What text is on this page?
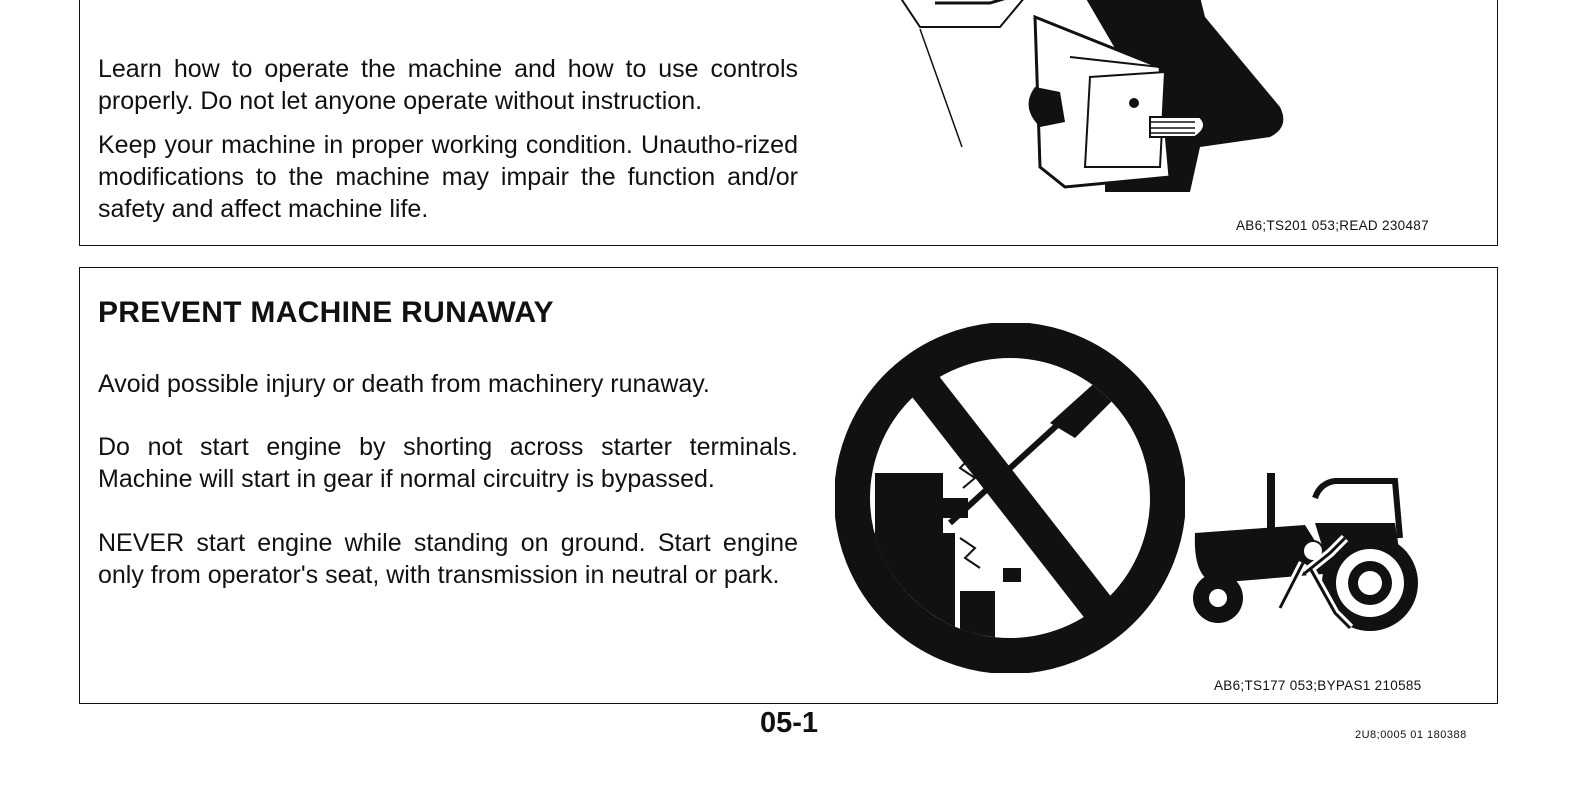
Learn how to operate the machine and how to use controls properly. Do not let anyone operate without instruction.

Keep your machine in proper working condition. Unautho-rized modifications to the machine may impair the function and/or safety and affect machine life.

AB6;TS201 053;READ 230487
PREVENT MACHINE RUNAWAY

Avoid possible injury or death from machinery runaway.

Do not start engine by shorting across starter terminals. Machine will start in gear if normal circuitry is bypassed.

NEVER start engine while standing on ground. Start engine only from operator's seat, with transmission in neutral or park.

AB6;TS177 053;BYPAS1 210585
05-1	2U8;0005 01 180388
